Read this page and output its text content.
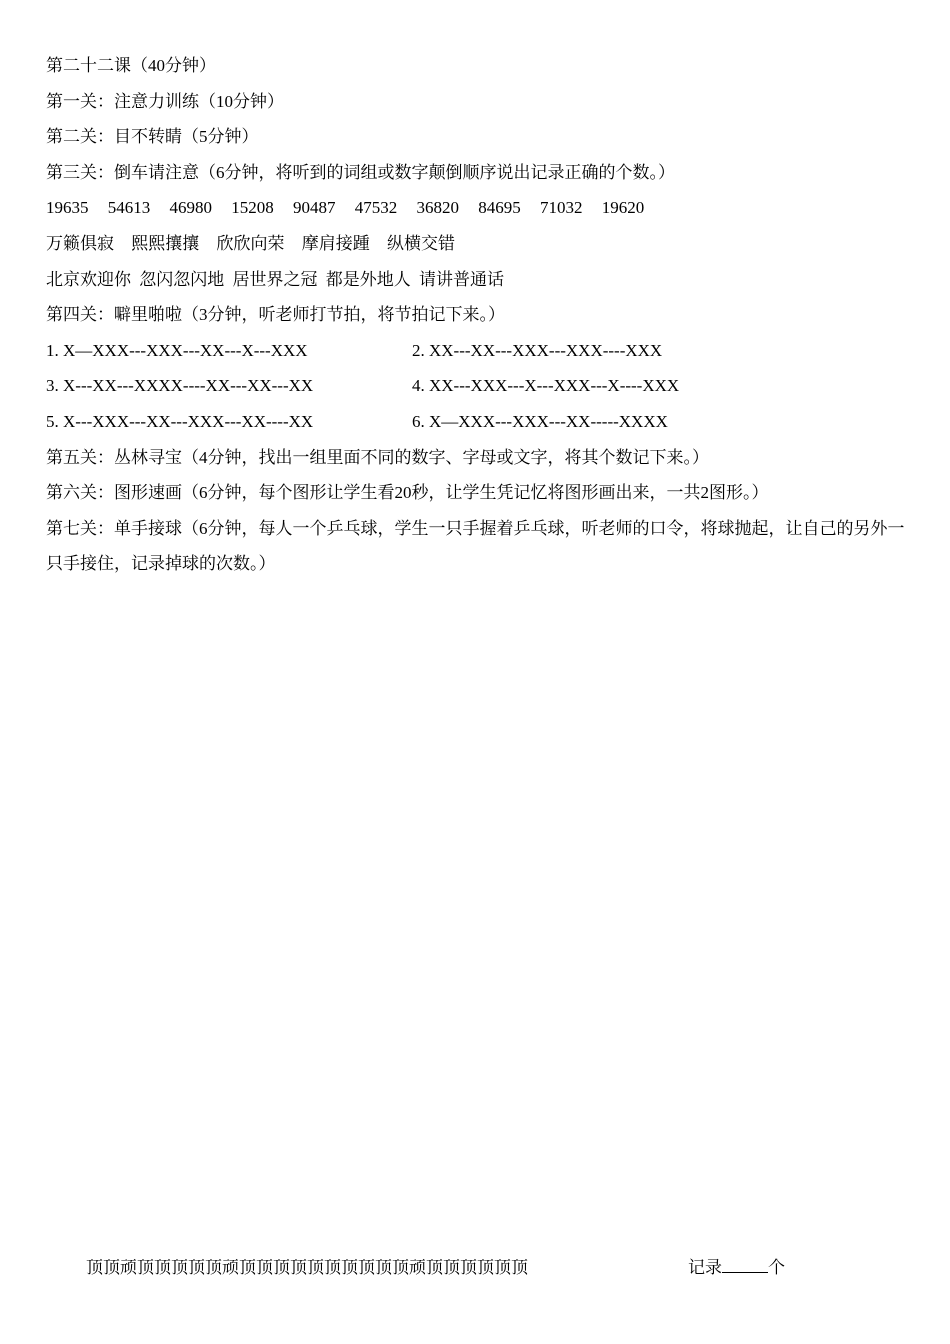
第二十二课（40分钟）
第一关：注意力训练（10分钟）
第二关：目不转睛（5分钟）
第三关：倒车请注意（6分钟，将听到的词组或数字颠倒顺序说出记录正确的个数。）
19635 54613 46980 15208 90487 47532 36820 84695 71032 19620
万籁俱寂 熙熙攘攘 欣欣向荣 摩肩接踵 纵横交错
北京欢迎你 忽闪忽闪地 居世界之冠 都是外地人 请讲普通话
第四关：噼里啪啦（3分钟，听老师打节拍，将节拍记下来。）
1. X—XXX---XXX---XX---X---XXX	2. XX---XX---XXX---XXX----XXX
3. X---XX---XXXX----XX---XX---XX	4. XX---XXX---X---XXX---X----XXX
5. X---XXX---XX---XXX---XX----XX	6. X—XXX---XXX---XX-----XXXX
第五关：丛林寻宝（4分钟，找出一组里面不同的数字、字母或文字，将其个数记下来。）
第六关：图形速画（6分钟，每个图形让学生看20秒，让学生凭记忆将图形画出来，一共2图形。）
第七关：单手接球（6分钟，每人一个乒乓球，学生一只手握着乒乓球，听老师的口令，将球抛起，让自己的另外一只手接住，记录掉球的次数。）
顶顶顽顶顶顶顶顶顽顶顶顶顶顶顶顶顶顶顶顽顶顶顶顶顶顶	记录	个
